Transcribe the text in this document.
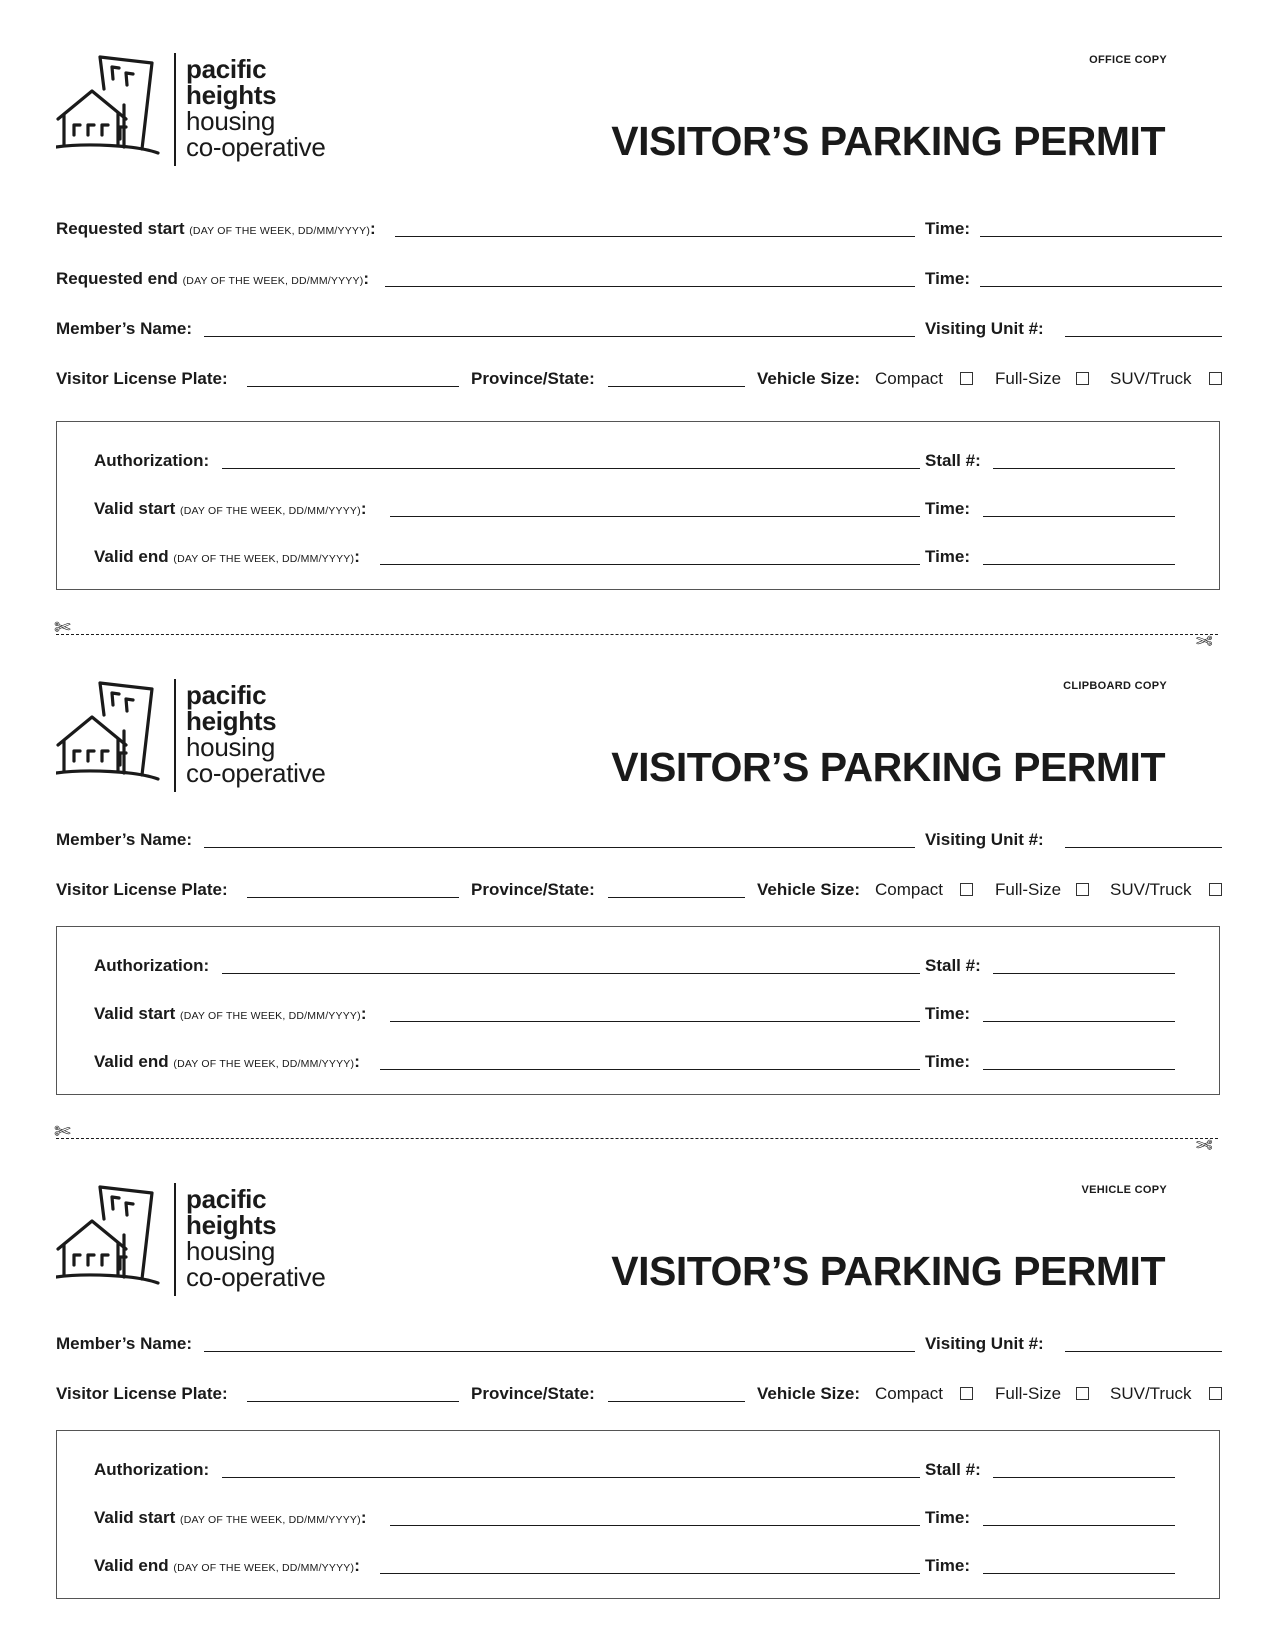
pacific
heights
housing
co-operative
OFFICE COPY
VISITOR’S PARKING PERMIT
Requested start (DAY OF THE WEEK, DD/MM/YYYY):	Time:
Requested end (DAY OF THE WEEK, DD/MM/YYYY):	Time:
Member’s Name:	Visiting Unit #:
Visitor License Plate:	Province/State:	Vehicle Size: Compact	Full-Size	SUV/Truck
Authorization:	Stall #:
Valid start (DAY OF THE WEEK, DD/MM/YYYY):	Time:
Valid end (DAY OF THE WEEK, DD/MM/YYYY):	Time:
✄
✄
pacific
heights
housing
co-operative
CLIPBOARD COPY
VISITOR’S PARKING PERMIT
Member’s Name:	Visiting Unit #:
Visitor License Plate:	Province/State:	Vehicle Size: Compact	Full-Size	SUV/Truck
Authorization:	Stall #:
Valid start (DAY OF THE WEEK, DD/MM/YYYY):	Time:
Valid end (DAY OF THE WEEK, DD/MM/YYYY):	Time:
✄
✄
pacific
heights
housing
co-operative
VEHICLE COPY
VISITOR’S PARKING PERMIT
Member’s Name:	Visiting Unit #:
Visitor License Plate:	Province/State:	Vehicle Size: Compact	Full-Size	SUV/Truck
Authorization:	Stall #:
Valid start (DAY OF THE WEEK, DD/MM/YYYY):	Time:
Valid end (DAY OF THE WEEK, DD/MM/YYYY):	Time:
